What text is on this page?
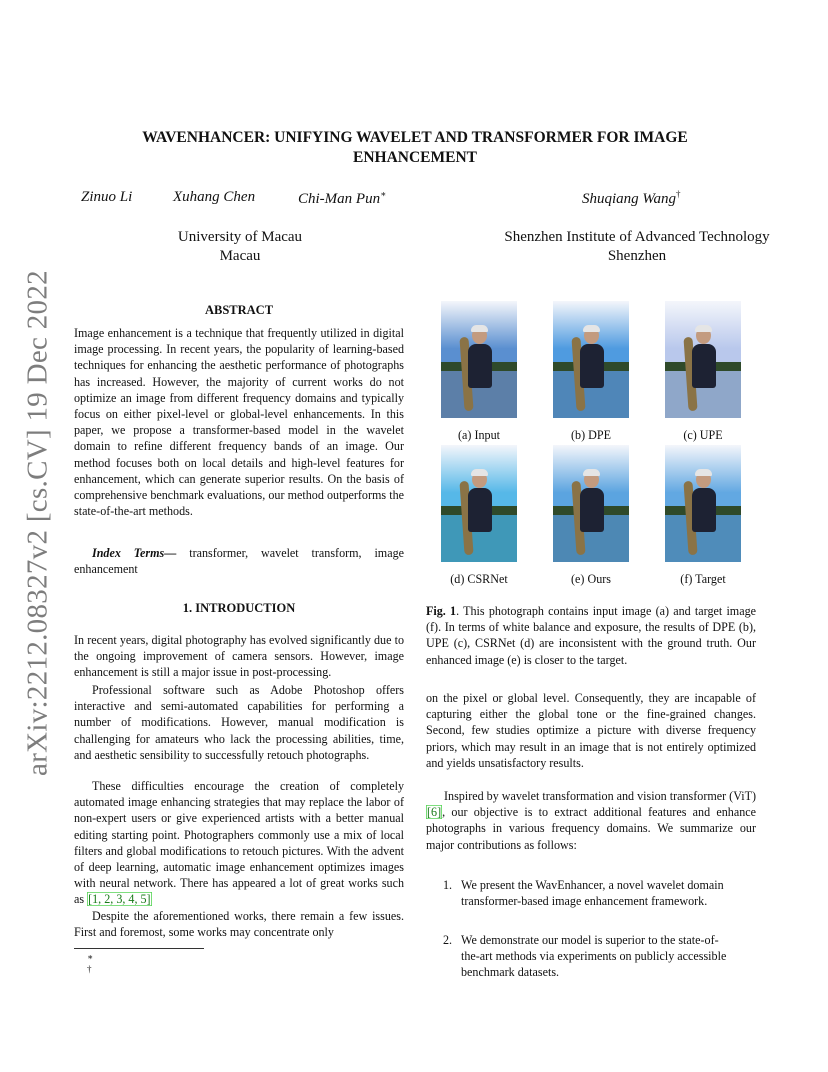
arXiv:2212.08327v2 [cs.CV] 19 Dec 2022
WAVENHANCER: UNIFYING WAVELET AND TRANSFORMER FOR IMAGE
ENHANCEMENT
Zinuo Li	Xuhang Chen	Chi-Man Pun∗	Shuqiang Wang†
University of Macau
Macau
Shenzhen Institute of Advanced Technology
Shenzhen
ABSTRACT

Image enhancement is a technique that frequently utilized in digital image processing. In recent years, the popularity of learning-based techniques for enhancing the aesthetic performance of photographs has increased. However, the majority of current works do not optimize an image from different frequency domains and typically focus on either pixel-level or global-level enhancements. In this paper, we propose a transformer-based model in the wavelet domain to refine different frequency bands of an image. Our method focuses both on local details and high-level features for enhancement, which can generate superior results. On the basis of comprehensive benchmark evaluations, our method outperforms the state-of-the-art methods.

Index Terms— transformer, wavelet transform, image enhancement

1. INTRODUCTION

In recent years, digital photography has evolved significantly due to the ongoing improvement of camera sensors. However, image enhancement is still a major issue in post-processing.

Professional software such as Adobe Photoshop offers interactive and semi-automated capabilities for performing a number of modifications. However, manual modification is challenging for amateurs who lack the processing abilities, time, and aesthetic sensibility to successfully retouch photographs.

These difficulties encourage the creation of completely automated image enhancing strategies that may replace the labor of non-expert users or give experienced artists with a better manual editing starting point. Photographers commonly use a mix of local filters and global modifications to retouch pictures. With the advent of deep learning, automatic image enhancement optimizes images with neural network. There has appeared a lot of great works such as [1, 2, 3, 4, 5]

Despite the aforementioned works, there remain a few issues. First and foremost, some works may concentrate only

∗
†
(a) Input	(b) DPE	(c) UPE
(d) CSRNet	(e) Ours	(f) Target
Fig. 1. This photograph contains input image (a) and target image (f). In terms of white balance and exposure, the results of DPE (b), UPE (c), CSRNet (d) are inconsistent with the ground truth. Our enhanced image (e) is closer to the target.

on the pixel or global level. Consequently, they are incapable of capturing either the global tone or the fine-grained changes. Second, few studies optimize a picture with diverse frequency priors, which may result in an image that is not entirely optimized and yields unsatisfactory results.

Inspired by wavelet transformation and vision transformer (ViT) [6], our objective is to extract additional features and enhance photographs in various frequency domains. We summarize our major contributions as follows:

1. We present the WavEnhancer, a novel wavelet domain
transformer-based image enhancement framework.
2. We demonstrate our model is superior to the state-of-
the-art methods via experiments on publicly accessible
benchmark datasets.
